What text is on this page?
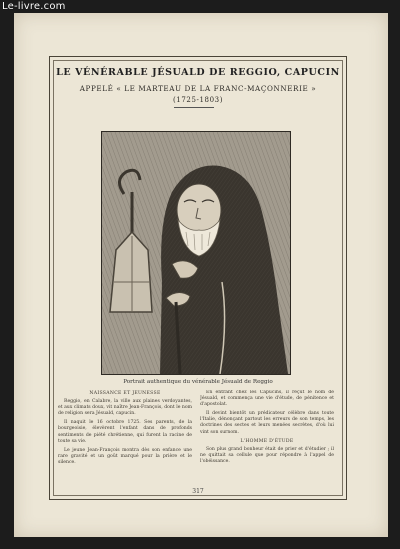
Le-livre.com
LE VÉNÉRABLE JÉSUALD DE REGGIO, CAPUCIN
APPELÉ « LE MARTEAU DE LA FRANC-MAÇONNERIE »
(1725-1803)
Portrait authentique du vénérable Jésuald de Reggio
NAISSANCE ET JEUNESSE

Reggio, en Calabre, la ville aux plaines verdoyantes, et aux climats doux, vit naître Jean-François, dont le nom de religion sera Jésuald, capucin.

Il naquit le 16 octobre 1725. Ses parents, de la bourgeoisie, élevèrent l'enfant dans de profonds sentiments de piété chrétienne, qui furent la racine de toute sa vie.

Le jeune Jean-François montra dès son enfance une rare gravité et un goût marqué pour la prière et le silence.

En entrant chez les Capucins, il reçut le nom de Jésuald, et commença une vie d'étude, de pénitence et d'apostolat.

Il devint bientôt un prédicateur célèbre dans toute l'Italie, dénonçant partout les erreurs de son temps, les doctrines des sectes et leurs menées secrètes, d'où lui vint son surnom.

L'HOMME D'ÉTUDE

Son plus grand bonheur était de prier et d'étudier ; il ne quittait sa cellule que pour répondre à l'appel de l'obéissance.

317
